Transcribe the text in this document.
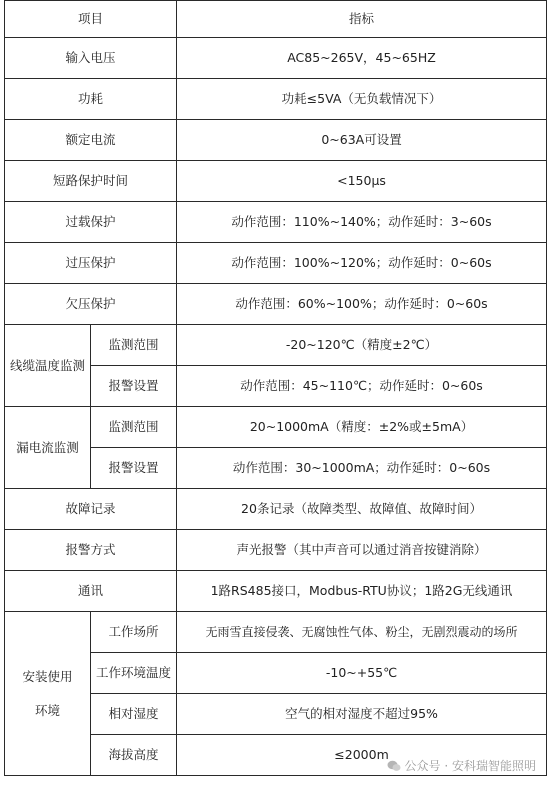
项目		指标
输入电压		AC85~265V，45~65HZ
功耗		功耗≤5VA（无负载情况下）
额定电流		0~63A可设置
短路保护时间		<150μs
过载保护		动作范围：110%~140%；动作延时：3~60s
过压保护		动作范围：100%~120%；动作延时：0~60s
欠压保护		动作范围：60%~100%；动作延时：0~60s
线缆温度监测	监测范围	-20~120℃（精度±2℃）
	报警设置	动作范围：45~110℃；动作延时：0~60s
漏电流监测	监测范围	20~1000mA（精度：±2%或±5mA）
	报警设置	动作范围：30~1000mA；动作延时：0~60s
故障记录		20条记录（故障类型、故障值、故障时间）
报警方式		声光报警（其中声音可以通过消音按键消除）
通讯		1路RS485接口，Modbus-RTU协议；1路2G无线通讯
安装使用环境	工作场所	无雨雪直接侵袭、无腐蚀性气体、粉尘，无剧烈震动的场所
	工作环境温度	-10~+55℃
	相对湿度	空气的相对湿度不超过95%
	海拔高度	≤2000m
公众号 · 安科瑞智能照明
